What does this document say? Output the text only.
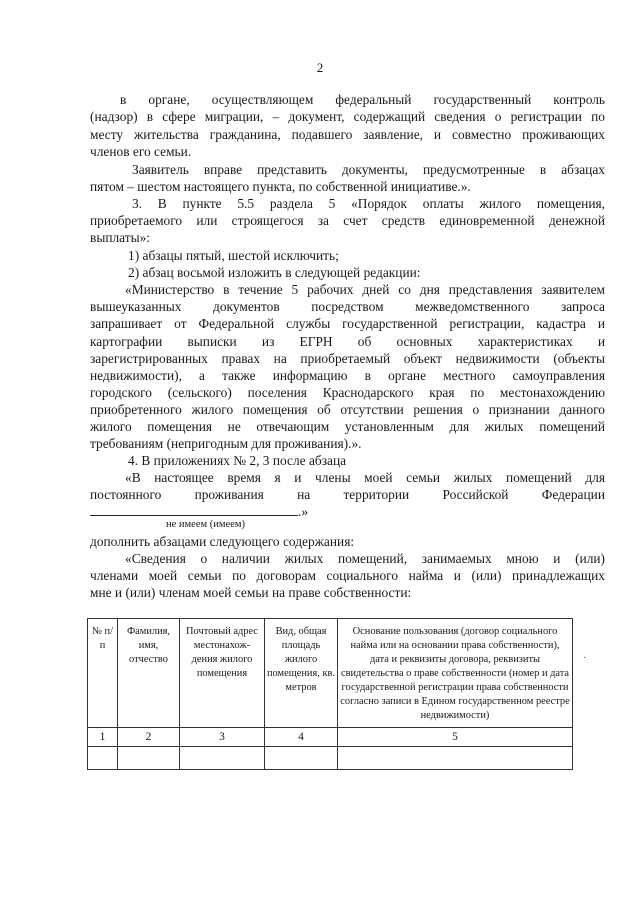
2
в органе, осуществляющем федеральный государственный контроль
(надзор) в сфере миграции, – документ, содержащий сведения о регистрации по
месту жительства гражданина, подавшего заявление, и совместно проживающих
членов его семьи.
Заявитель вправе представить документы, предусмотренные в абзацах
пятом – шестом настоящего пункта, по собственной инициативе.».
3. В пункте 5.5 раздела 5 «Порядок оплаты жилого помещения,
приобретаемого или строящегося за счет средств единовременной денежной
выплаты»:
1) абзацы пятый, шестой исключить;
2) абзац восьмой изложить в следующей редакции:
«Министерство в течение 5 рабочих дней со дня представления заявителем
вышеуказанных документов посредством межведомственного запроса
запрашивает от Федеральной службы государственной регистрации, кадастра и
картографии выписки из ЕГРН об основных характеристиках и
зарегистрированных правах на приобретаемый объект недвижимости (объекты
недвижимости), а также информацию в органе местного самоуправления
городского (сельского) поселения Краснодарского края по местонахождению
приобретенного жилого помещения об отсутствии решения о признании данного
жилого помещения не отвечающим установленным для жилых помещений
требованиям (непригодным для проживания).».
4. В приложениях № 2, 3 после абзаца
«В настоящее время я и члены моей семьи жилых помещений для
постоянного проживания на территории Российской Федерации
.»
не имеем (имеем)
дополнить абзацами следующего содержания:
«Сведения о наличии жилых помещений, занимаемых мною и (или)
членами моей семьи по договорам социального найма и (или) принадлежащих
мне и (или) членам моей семьи на праве собственности:
№ п/п	Фамилия, имя, отчество	Почтовый адрес местонахож-дения жилого помещения	Вид, общая площадь жилого помещения, кв. метров	Основание пользования (договор социального найма или на основании права собственности), дата и реквизиты договора, реквизиты свидетельства о праве собственности (номер и дата государственной регистрации права собственности согласно записи в Едином государственном реестре недвижимости)
1	2	3	4	5

·
